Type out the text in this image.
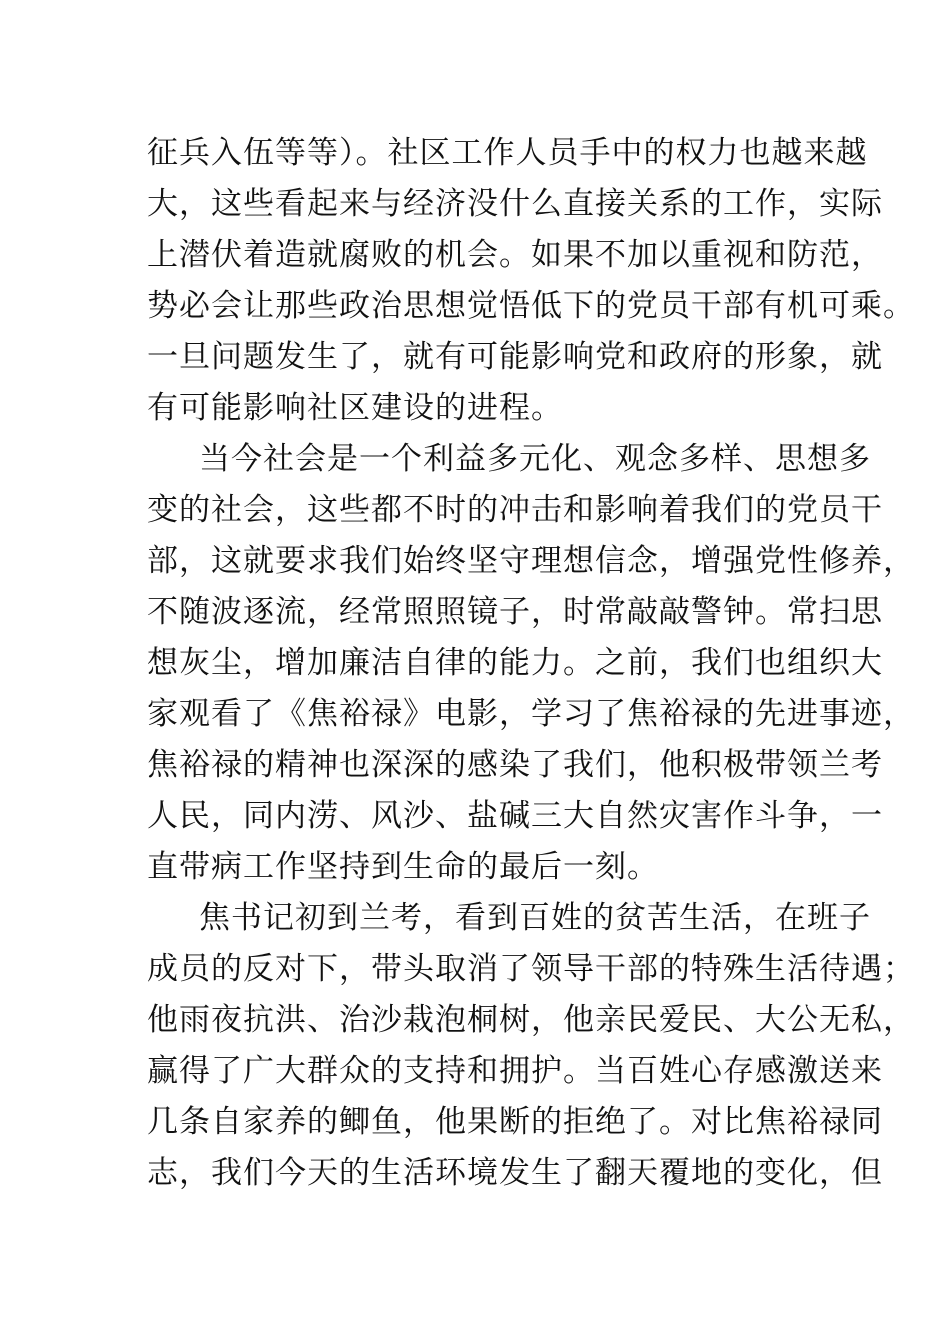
征兵入伍等等）。社区工作人员手中的权力也越来越
大，这些看起来与经济没什么直接关系的工作，实际
上潜伏着造就腐败的机会。如果不加以重视和防范，
势必会让那些政治思想觉悟低下的党员干部有机可乘。
一旦问题发生了，就有可能影响党和政府的形象，就
有可能影响社区建设的进程。
当今社会是一个利益多元化、观念多样、思想多
变的社会，这些都不时的冲击和影响着我们的党员干
部，这就要求我们始终坚守理想信念，增强党性修养，
不随波逐流，经常照照镜子，时常敲敲警钟。常扫思
想灰尘，增加廉洁自律的能力。之前，我们也组织大
家观看了《焦裕禄》电影，学习了焦裕禄的先进事迹，
焦裕禄的精神也深深的感染了我们，他积极带领兰考
人民，同内涝、风沙、盐碱三大自然灾害作斗争，一
直带病工作坚持到生命的最后一刻。
焦书记初到兰考，看到百姓的贫苦生活，在班子
成员的反对下，带头取消了领导干部的特殊生活待遇；
他雨夜抗洪、治沙栽泡桐树，他亲民爱民、大公无私，
赢得了广大群众的支持和拥护。当百姓心存感激送来
几条自家养的鲫鱼，他果断的拒绝了。对比焦裕禄同
志，我们今天的生活环境发生了翻天覆地的变化，但
